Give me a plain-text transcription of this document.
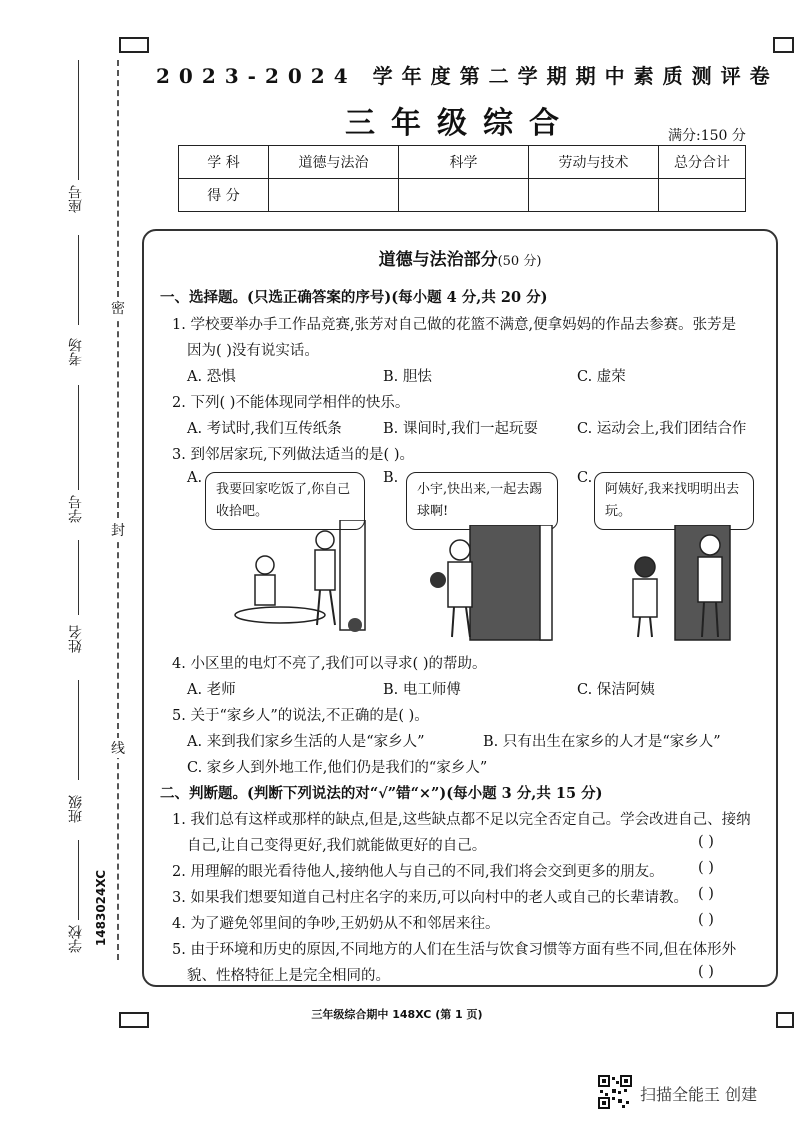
座号
考场
学号
姓名
班级
学校
密
封
线
1483024XC
2023-2024 学年度第二学期期中素质测评卷
三年级综合	满分:150 分
学 科	道德与法治	科学	劳动与技术	总分合计
得 分				
道德与法治部分(50 分)
一、选择题。(只选正确答案的序号)(每小题 4 分,共 20 分)
1. 学校要举办手工作品竞赛,张芳对自己做的花篮不满意,便拿妈妈的作品去参赛。张芳是
因为( )没有说实话。
A. 恐惧	B. 胆怯	C. 虚荣
2. 下列( )不能体现同学相伴的快乐。
A. 考试时,我们互传纸条	B. 课间时,我们一起玩耍	C. 运动会上,我们团结合作
3. 到邻居家玩,下列做法适当的是( )。
A.	B.	C.
我要回家吃饭了,你自己收拾吧。
小宇,快出来,一起去踢球啊!
阿姨好,我来找明明出去玩。
4. 小区里的电灯不亮了,我们可以寻求( )的帮助。
A. 老师	B. 电工师傅	C. 保洁阿姨
5. 关于“家乡人”的说法,不正确的是( )。
A. 来到我们家乡生活的人是“家乡人”	B. 只有出生在家乡的人才是“家乡人”
C. 家乡人到外地工作,他们仍是我们的“家乡人”
二、判断题。(判断下列说法的对“√”错“×”)(每小题 3 分,共 15 分)
1. 我们总有这样或那样的缺点,但是,这些缺点都不足以完全否定自己。学会改进自己、接纳
自己,让自己变得更好,我们就能做更好的自己。	( )
2. 用理解的眼光看待他人,接纳他人与自己的不同,我们将会交到更多的朋友。 ( )
3. 如果我们想要知道自己村庄名字的来历,可以向村中的老人或自己的长辈请教。 ( )
4. 为了避免邻里间的争吵,王奶奶从不和邻居来往。	( )
5. 由于环境和历史的原因,不同地方的人们在生活与饮食习惯等方面有些不同,但在体形外
貌、性格特征上是完全相同的。	( )
三年级综合期中 148XC (第 1 页)
扫描全能王 创建
